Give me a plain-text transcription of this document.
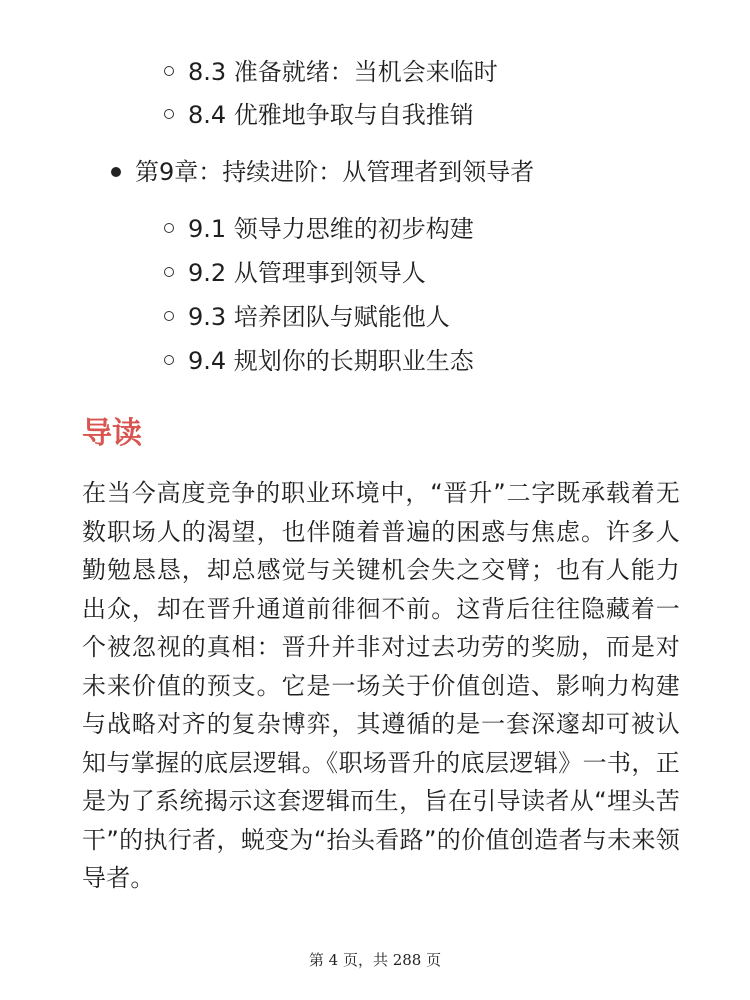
8.3 准备就绪：当机会来临时
8.4 优雅地争取与自我推销
第9章：持续进阶：从管理者到领导者
9.1 领导力思维的初步构建
9.2 从管理事到领导人
9.3 培养团队与赋能他人
9.4 规划你的长期职业生态
导读

在当今高度竞争的职业环境中，“晋升”二字既承载着无数职场人的渴望，也伴随着普遍的困惑与焦虑。许多人勤勉恳恳，却总感觉与关键机会失之交臂；也有人能力出众，却在晋升通道前徘徊不前。这背后往往隐藏着一个被忽视的真相：晋升并非对过去功劳的奖励，而是对未来价值的预支。它是一场关于价值创造、影响力构建与战略对齐的复杂博弈，其遵循的是一套深邃却可被认知与掌握的底层逻辑。《职场晋升的底层逻辑》一书，正是为了系统揭示这套逻辑而生，旨在引导读者从“埋头苦干”的执行者，蜕变为“抬头看路”的价值创造者与未来领导者。

第 4 页，共 288 页
